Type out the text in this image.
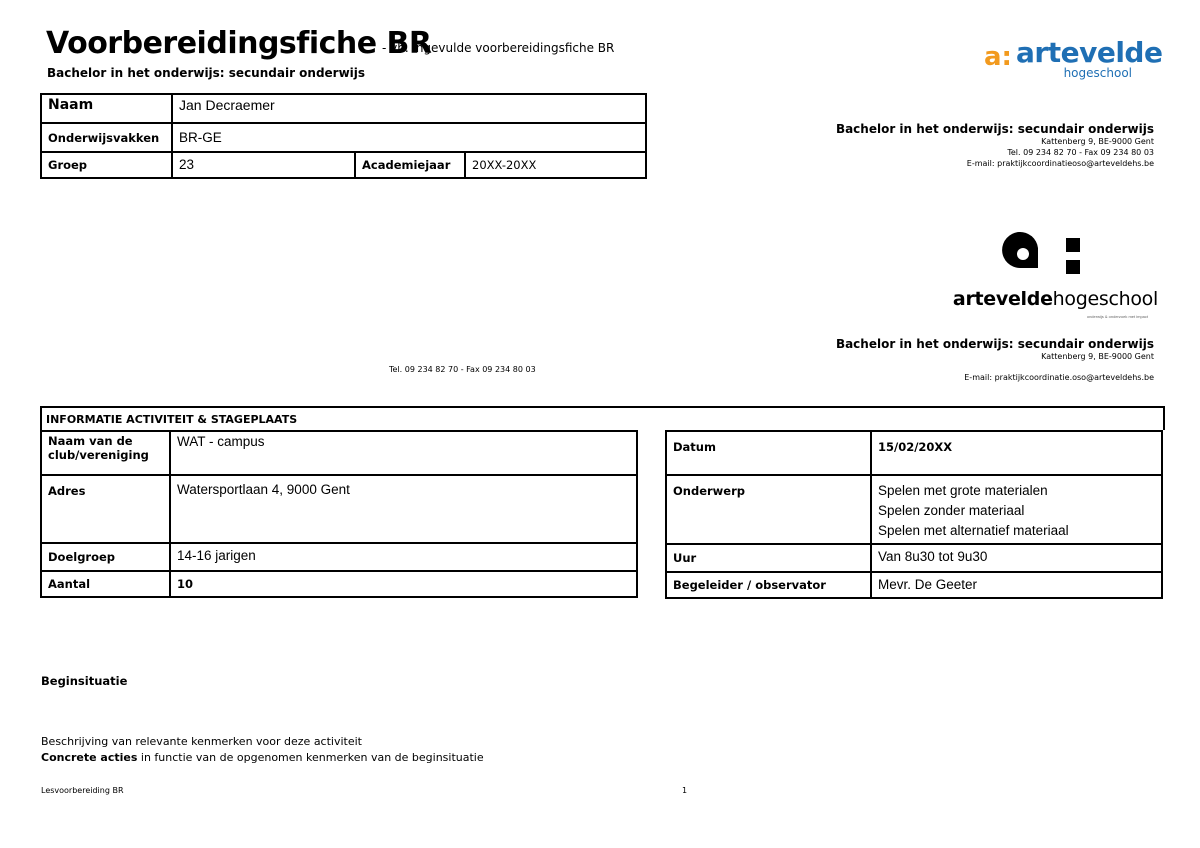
Voorbereidingsfiche BR
- vb. ingevulde voorbereidingsfiche BR
Bachelor in het onderwijs: secundair onderwijs
Naam	Jan Decraemer		
Onderwijsvakken	BR-GE		
Groep	23	Academiejaar	20XX-20XX
a: artevelde
hogeschool
Bachelor in het onderwijs: secundair onderwijs
Kattenberg 9, BE-9000 Gent
Tel. 09 234 82 70 - Fax 09 234 80 03
E-mail: praktijkcoordinatieoso@arteveldehs.be
arteveldehogeschool
onderwijs & onderzoek met impact
Bachelor in het onderwijs: secundair onderwijs
Kattenberg 9, BE-9000 Gent
E-mail: praktijkcoordinatie.oso@arteveldehs.be
Tel. 09 234 82 70 - Fax 09 234 80 03
INFORMATIE ACTIVITEIT & STAGEPLAATS
Naam van de club/vereniging	WAT - campus
Adres	Watersportlaan 4, 9000 Gent
Doelgroep	14-16 jarigen
Aantal	10
Datum	15/02/20XX
Onderwerp	Spelen met grote materialen
Spelen zonder materiaal
Spelen met alternatief materiaal

Uur	Van 8u30 tot 9u30
Begeleider / observator	Mevr. De Geeter
Beginsituatie
Beschrijving van relevante kenmerken voor deze activiteit
Concrete acties in functie van de opgenomen kenmerken van de beginsituatie
Lesvoorbereiding BR	1
